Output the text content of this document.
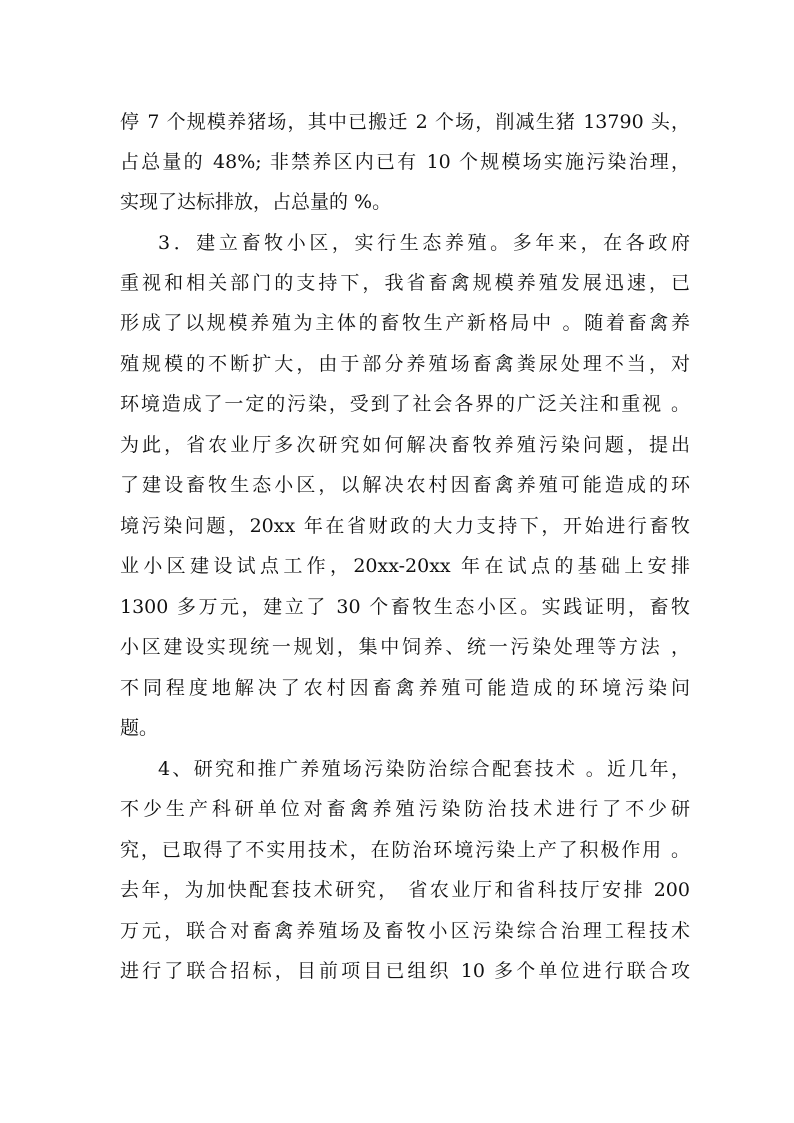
停 7 个规模养猪场，其中已搬迁 2 个场，削减生猪 13790 头，
占总量的 48%; 非禁养区内已有 10 个规模场实施污染治理，
实现了达标排放，占总量的 %。
3．建立畜牧小区，实行生态养殖。多年来，在各政府
重视和相关部门的支持下，我省畜禽规模养殖发展迅速，已
形成了以规模养殖为主体的畜牧生产新格局中 。随着畜禽养
殖规模的不断扩大，由于部分养殖场畜禽粪尿处理不当，对
环境造成了一定的污染，受到了社会各界的广泛关注和重视 。
为此，省农业厅多次研究如何解决畜牧养殖污染问题，提出
了建设畜牧生态小区，以解决农村因畜禽养殖可能造成的环
境污染问题，20xx 年在省财政的大力支持下，开始进行畜牧
业小区建设试点工作，20xx-20xx 年在试点的基础上安排
1300 多万元，建立了 30 个畜牧生态小区。实践证明，畜牧
小区建设实现统一规划，集中饲养、统一污染处理等方法 ，
不同程度地解决了农村因畜禽养殖可能造成的环境污染问
题。
4、研究和推广养殖场污染防治综合配套技术 。近几年，
不少生产科研单位对畜禽养殖污染防治技术进行了不少研
究，已取得了不实用技术，在防治环境污染上产了积极作用 。
去年，为加快配套技术研究， 省农业厅和省科技厅安排 200
万元，联合对畜禽养殖场及畜牧小区污染综合治理工程技术
进行了联合招标，目前项目已组织 10 多个单位进行联合攻
